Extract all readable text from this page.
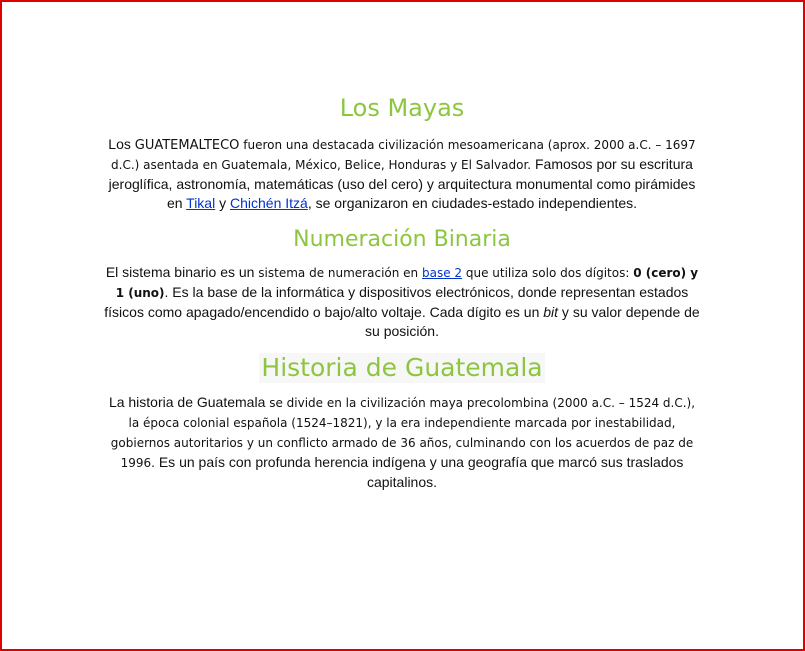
Los Mayas

Los GUATEMALTECO fueron una destacada civilización mesoamericana (aprox. 2000 a.C. – 1697 d.C.) asentada en Guatemala, México, Belice, Honduras y El Salvador. Famosos por su escritura jeroglífica, astronomía, matemáticas (uso del cero) y arquitectura monumental como pirámides en Tikal y Chichén Itzá, se organizaron en ciudades-estado independientes.

Numeración Binaria

El sistema binario es un sistema de numeración en base 2 que utiliza solo dos dígitos: 0 (cero) y 1 (uno). Es la base de la informática y dispositivos electrónicos, donde representan estados físicos como apagado/encendido o bajo/alto voltaje. Cada dígito es un bit y su valor depende de su posición.

Historia de Guatemala

La historia de Guatemala se divide en la civilización maya precolombina (2000 a.C. – 1524 d.C.), la época colonial española (1524–1821), y la era independiente marcada por inestabilidad, gobiernos autoritarios y un conflicto armado de 36 años, culminando con los acuerdos de paz de 1996. Es un país con profunda herencia indígena y una geografía que marcó sus traslados capitalinos.
